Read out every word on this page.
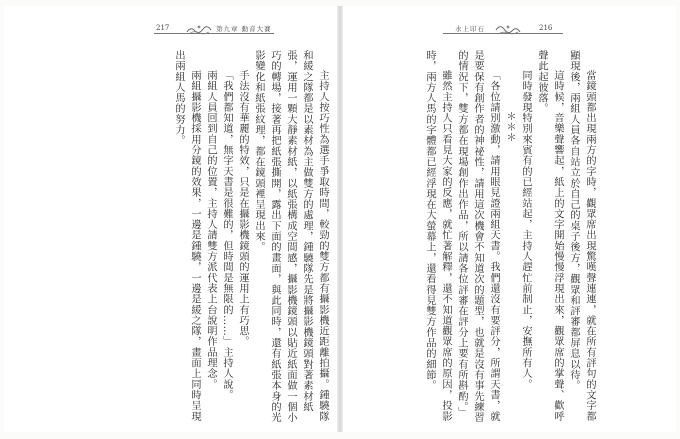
217	第九章 動音大賽

主持人按巧性為選手爭取時間，較勁的雙方都有攝影機近距離拍攝。鍾驍隊和緩之隊都是以素材為主做雙方的處理，鍾驍隊先是將攝影機鏡頭對著素材紙張，運用一顆大靜素材紙，以紙張構成空間感，攝影機鏡頭以貼近紙面做一個小巧的轉場，接著再把紙張撕開，露出下面的畫面，與此同時，還有紙張本身的光影變化和紙張紋理，都在鏡頭裡呈現出來。

手法沒有華麗的特效，只是在攝影機鏡頭的運用上有巧思。

「我們都知道，無字天書是很難的，但時間是無限的……」主持人說。

兩組人員回到自己的位置，主持人請雙方派代表上台說明作品理念。

兩組攝影機採用分鏡的效果，一邊是鍾驍，一邊是緩之隊，畫面上同時呈現出兩組人馬的努力。

水上印石	216

當鏡頭都出現兩方的字時，觀眾席出現驚嘆聲連連，就在所有評句的文字都顯現後，兩組人員各自站立於自己的桌子後方，觀眾和評審都屏息以待。

這時候，音樂聲響起，紙上的文字開始慢慢浮現出來，觀眾席的掌聲、歡呼聲此起彼落。

同時發現特別來賓有的已經站起，主持人趕忙前制止，安撫所有人。

＊＊＊

「各位請別激動，請用眼見證兩組天書。我們還沒有要評分，所謂天書，就是要保有創作者的神祕性，請用這次機會不知道次的題型，也就是沒有事先練習的情況下，雙方都在現場創作出作品，所以請各位評審在評分上要有所斟酌。」

雖然主持人只看見大家的反應，就忙著解釋，還不知道觀眾席的原因，投影時，兩方人馬的字體都已經浮現在大螢幕上，還看得見雙方作品的細節。
